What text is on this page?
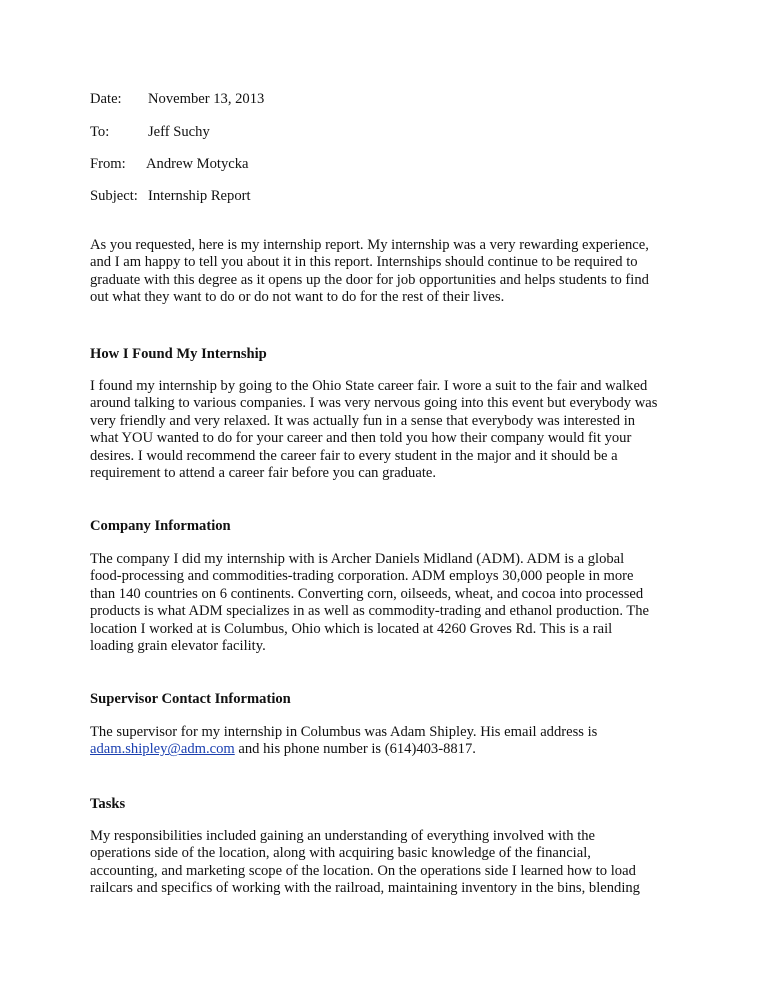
Date: November 13, 2013
To:	Jeff Suchy
From: Andrew Motycka
Subject: Internship Report

As you requested, here is my internship report. My internship was a very rewarding experience,
and I am happy to tell you about it in this report. Internships should continue to be required to
graduate with this degree as it opens up the door for job opportunities and helps students to find
out what they want to do or do not want to do for the rest of their lives.

How I Found My Internship

I found my internship by going to the Ohio State career fair. I wore a suit to the fair and walked
around talking to various companies. I was very nervous going into this event but everybody was
very friendly and very relaxed. It was actually fun in a sense that everybody was interested in
what YOU wanted to do for your career and then told you how their company would fit your
desires. I would recommend the career fair to every student in the major and it should be a
requirement to attend a career fair before you can graduate.

Company Information

The company I did my internship with is Archer Daniels Midland (ADM). ADM is a global
food-processing and commodities-trading corporation. ADM employs 30,000 people in more
than 140 countries on 6 continents. Converting corn, oilseeds, wheat, and cocoa into processed
products is what ADM specializes in as well as commodity-trading and ethanol production. The
location I worked at is Columbus, Ohio which is located at 4260 Groves Rd. This is a rail
loading grain elevator facility.

Supervisor Contact Information

The supervisor for my internship in Columbus was Adam Shipley. His email address is
adam.shipley@adm.com and his phone number is (614)403-8817.

Tasks

My responsibilities included gaining an understanding of everything involved with the
operations side of the location, along with acquiring basic knowledge of the financial,
accounting, and marketing scope of the location. On the operations side I learned how to load
railcars and specifics of working with the railroad, maintaining inventory in the bins, blending
